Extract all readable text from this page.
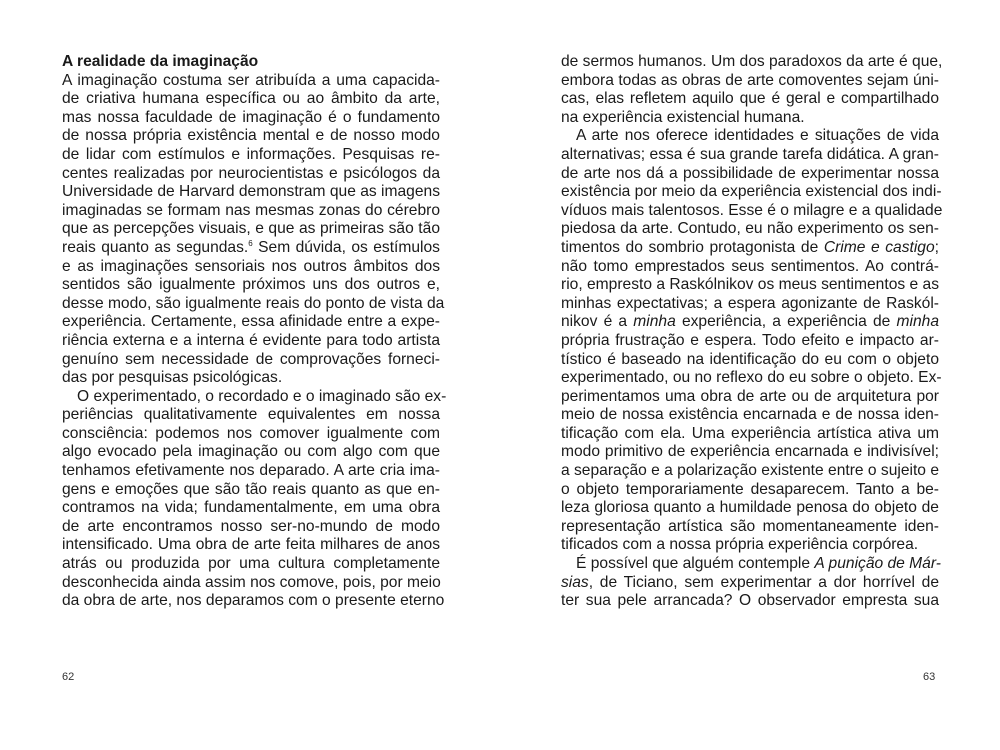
A realidade da imaginação
A imaginação costuma ser atribuída a uma capacida-
de criativa humana específica ou ao âmbito da arte,
mas nossa faculdade de imaginação é o fundamento
de nossa própria existência mental e de nosso modo
de lidar com estímulos e informações. Pesquisas re-
centes realizadas por neurocientistas e psicólogos da
Universidade de Harvard demonstram que as imagens
imaginadas se formam nas mesmas zonas do cérebro
que as percepções visuais, e que as primeiras são tão
reais quanto as segundas.$^6$ Sem dúvida, os estímulos
e as imaginações sensoriais nos outros âmbitos dos
sentidos são igualmente próximos uns dos outros e,
desse modo, são igualmente reais do ponto de vista da
experiência. Certamente, essa afinidade entre a expe-
riência externa e a interna é evidente para todo artista
genuíno sem necessidade de comprovações forneci-
das por pesquisas psicológicas.
O experimentado, o recordado e o imaginado são ex-
periências qualitativamente equivalentes em nossa
consciência: podemos nos comover igualmente com
algo evocado pela imaginação ou com algo com que
tenhamos efetivamente nos deparado. A arte cria ima-
gens e emoções que são tão reais quanto as que en-
contramos na vida; fundamentalmente, em uma obra
de arte encontramos nosso ser-no-mundo de modo
intensificado. Uma obra de arte feita milhares de anos
atrás ou produzida por uma cultura completamente
desconhecida ainda assim nos comove, pois, por meio
da obra de arte, nos deparamos com o presente eterno
62
de sermos humanos. Um dos paradoxos da arte é que,
embora todas as obras de arte comoventes sejam úni-
cas, elas refletem aquilo que é geral e compartilhado
na experiência existencial humana.
A arte nos oferece identidades e situações de vida
alternativas; essa é sua grande tarefa didática. A gran-
de arte nos dá a possibilidade de experimentar nossa
existência por meio da experiência existencial dos indi-
víduos mais talentosos. Esse é o milagre e a qualidade
piedosa da arte. Contudo, eu não experimento os sen-
timentos do sombrio protagonista de Crime e castigo;
não tomo emprestados seus sentimentos. Ao contrá-
rio, empresto a Raskólnikov os meus sentimentos e as
minhas expectativas; a espera agonizante de Raskól-
nikov é a minha experiência, a experiência de minha
própria frustração e espera. Todo efeito e impacto ar-
tístico é baseado na identificação do eu com o objeto
experimentado, ou no reflexo do eu sobre o objeto. Ex-
perimentamos uma obra de arte ou de arquitetura por
meio de nossa existência encarnada e de nossa iden-
tificação com ela. Uma experiência artística ativa um
modo primitivo de experiência encarnada e indivisível;
a separação e a polarização existente entre o sujeito e
o objeto temporariamente desaparecem. Tanto a be-
leza gloriosa quanto a humildade penosa do objeto de
representação artística são momentaneamente iden-
tificados com a nossa própria experiência corpórea.
É possível que alguém contemple A punição de Már-
sias, de Ticiano, sem experimentar a dor horrível de
ter sua pele arrancada? O observador empresta sua
63
